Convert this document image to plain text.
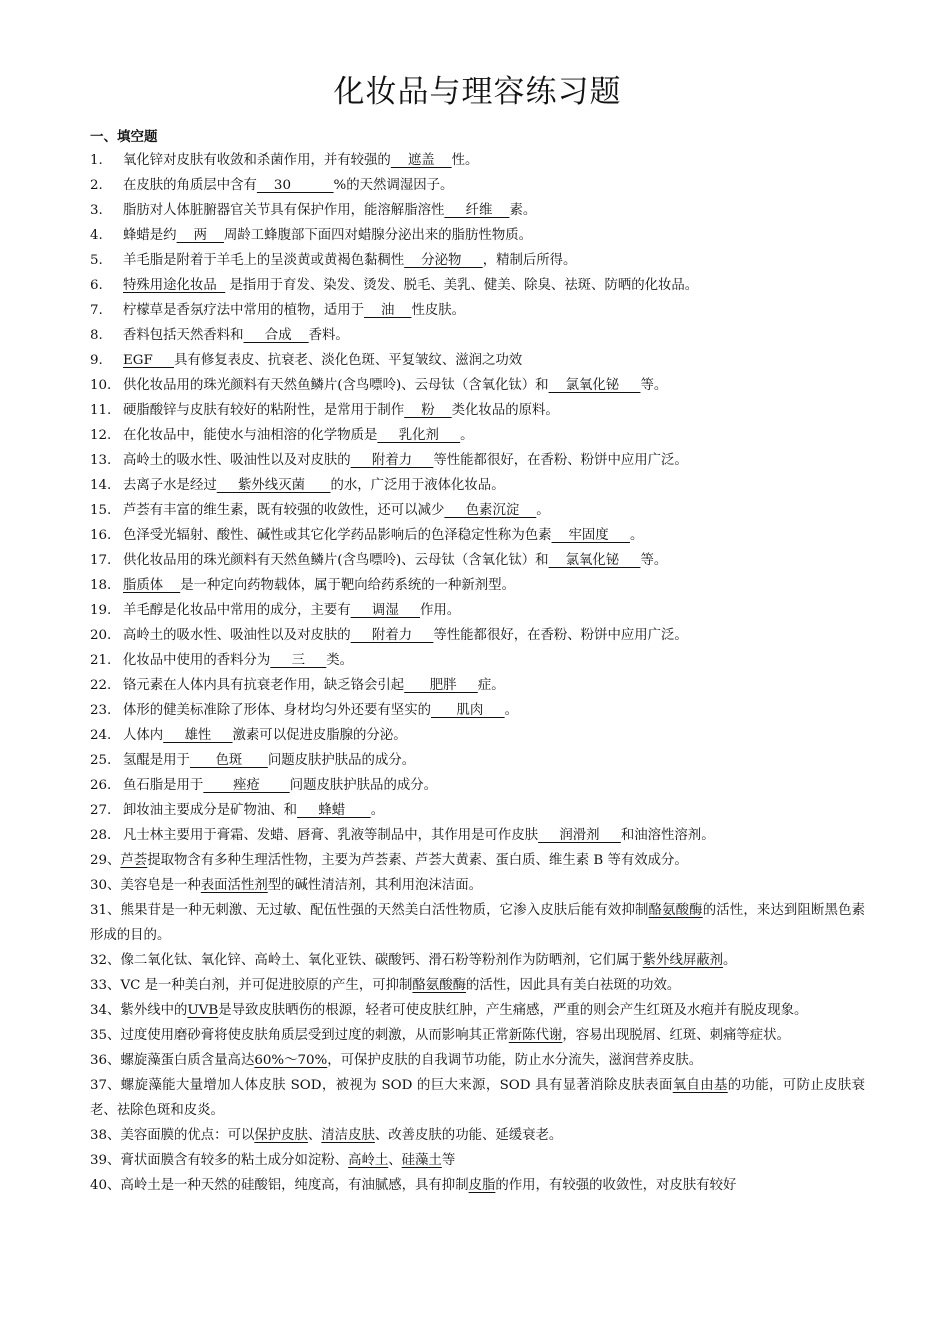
化妆品与理容练习题
一、填空题
1. 氧化锌对皮肤有收敛和杀菌作用，并有较强的    遮盖    性。
2. 在皮肤的角质层中含有    30          %的天然调湿因子。
3. 脂肪对人体脏腑器官关节具有保护作用，能溶解脂溶性     纤维    素。
4. 蜂蜡是约    两    周龄工蜂腹部下面四对蜡腺分泌出来的脂肪性物质。
5. 羊毛脂是附着于羊毛上的呈淡黄或黄褐色黏稠性    分泌物     ，精制后所得。
6. 特殊用途化妆品   是指用于育发、染发、烫发、脱毛、美乳、健美、除臭、祛斑、防晒的化妆品。
7. 柠檬草是香氛疗法中常用的植物，适用于    油    性皮肤。
8. 香料包括天然香料和     合成    香料。
9. EGF     具有修复表皮、抗衰老、淡化色斑、平复皱纹、滋润之功效
10. 供化妆品用的珠光颜料有天然鱼鳞片(含鸟嘌呤)、云母钛（含氧化钛）和    氯氧化铋     等。
11. 硬脂酸锌与皮肤有较好的粘附性，是常用于制作    粉    类化妆品的原料。
12. 在化妆品中，能使水与油相溶的化学物质是     乳化剂     。
13. 高岭土的吸水性、吸油性以及对皮肤的     附着力     等性能都很好，在香粉、粉饼中应用广泛。
14. 去离子水是经过     紫外线灭菌      的水，广泛用于液体化妆品。
15. 芦荟有丰富的维生素，既有较强的收敛性，还可以减少     色素沉淀    。
16. 色泽受光辐射、酸性、碱性或其它化学药品影响后的色泽稳定性称为色素    牢固度     。
17. 供化妆品用的珠光颜料有天然鱼鳞片(含鸟嘌呤)、云母钛（含氧化钛）和    氯氧化铋     等。
18. 脂质体    是一种定向药物载体，属于靶向给药系统的一种新剂型。
19. 羊毛醇是化妆品中常用的成分，主要有     调湿     作用。
20. 高岭土的吸水性、吸油性以及对皮肤的     附着力     等性能都很好，在香粉、粉饼中应用广泛。
21. 化妆品中使用的香料分为     三     类。
22. 铬元素在人体内具有抗衰老作用，缺乏铬会引起      肥胖     症。
23. 体形的健美标准除了形体、身材均匀外还要有坚实的      肌肉     。
24. 人体内     雄性     激素可以促进皮脂腺的分泌。
25. 氢醌是用于      色斑      问题皮肤护肤品的成分。
26. 鱼石脂是用于       痤疮       问题皮肤护肤品的成分。
27. 卸妆油主要成分是矿物油、和     蜂蜡      。
28. 凡士林主要用于膏霜、发蜡、唇膏、乳液等制品中，其作用是可作皮肤     润滑剂     和油溶性溶剂。
29、芦荟提取物含有多种生理活性物，主要为芦荟素、芦荟大黄素、蛋白质、维生素 B 等有效成分。
30、美容皂是一种表面活性剂型的碱性清洁剂，其利用泡沫洁面。
31、熊果苷是一种无刺激、无过敏、配伍性强的天然美白活性物质，它渗入皮肤后能有效抑制酪氨酸酶的活性，来达到阻断黑色素形成的目的。
32、像二氧化钛、氧化锌、高岭土、氧化亚铁、碳酸钙、滑石粉等粉剂作为防晒剂，它们属于紫外线屏蔽剂。
33、VC 是一种美白剂，并可促进胶原的产生，可抑制酪氨酸酶的活性，因此具有美白祛斑的功效。
34、紫外线中的UVB是导致皮肤晒伤的根源，轻者可使皮肤红肿，产生痛感，严重的则会产生红斑及水疱并有脱皮现象。
35、过度使用磨砂膏将使皮肤角质层受到过度的刺激，从而影响其正常新陈代谢，容易出现脱屑、红斑、刺痛等症状。
36、螺旋藻蛋白质含量高达60%～70%，可保护皮肤的自我调节功能，防止水分流失，滋润营养皮肤。
37、螺旋藻能大量增加人体皮肤 SOD，被视为 SOD 的巨大来源，SOD 具有显著消除皮肤表面氧自由基的功能，可防止皮肤衰老、祛除色斑和皮炎。
38、美容面膜的优点：可以保护皮肤、清洁皮肤、改善皮肤的功能、延缓衰老。
39、膏状面膜含有较多的粘土成分如淀粉、高岭土、硅藻土等
40、高岭土是一种天然的硅酸铝，纯度高，有油腻感，具有抑制皮脂的作用，有较强的收敛性，对皮肤有较好
